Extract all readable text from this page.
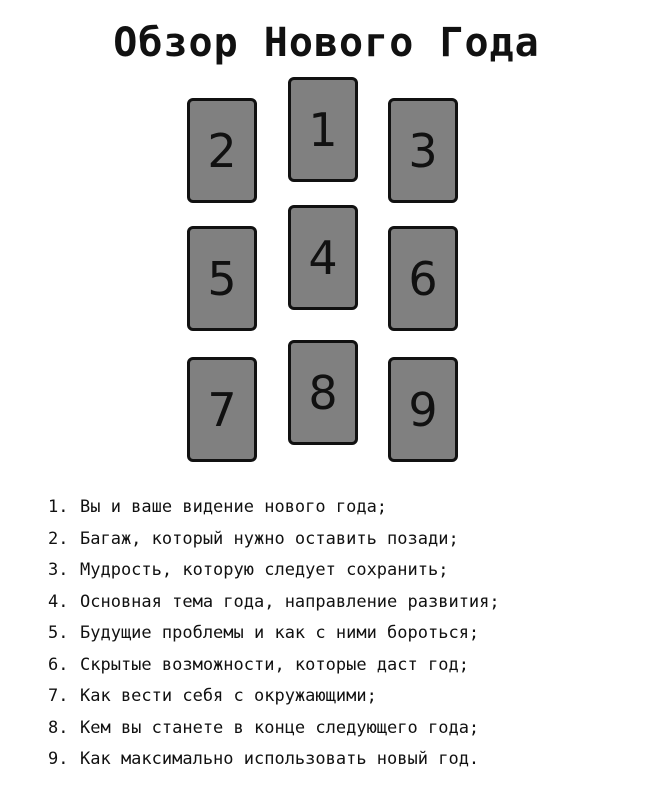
Обзор Нового Года
1
2	3
4
5	6
8
7	9
1. Вы и ваше видение нового года;
2. Багаж, который нужно оставить позади;
3. Мудрость, которую следует сохранить;
4. Основная тема года, направление развития;
5. Будущие проблемы и как с ними бороться;
6. Скрытые возможности, которые даст год;
7. Как вести себя с окружающими;
8. Кем вы станете в конце следующего года;
9. Как максимально использовать новый год.
